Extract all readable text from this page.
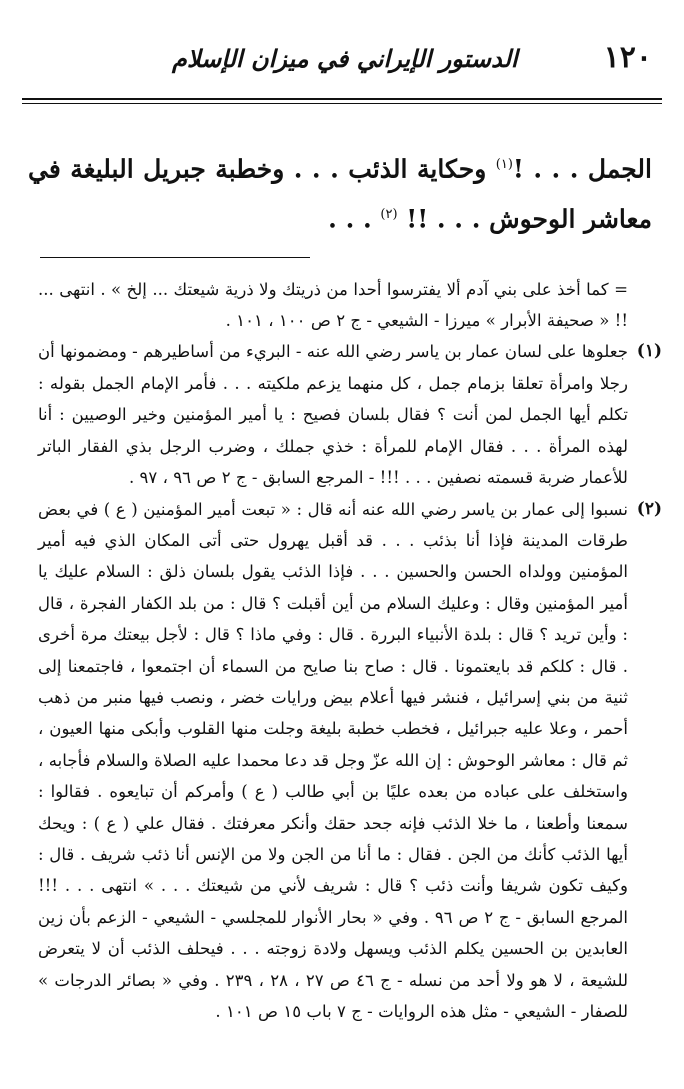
١٢٠
الدستور الإيراني في ميزان الإسلام
الجمل . . . !$^{(١)}$ وحكاية الذئب . . . وخطبة جبريل البليغة في معاشر الوحوش . . . !! $^{(٢)}$ . . .
= كما أخذ على بني آدم ألا يفترسوا أحدا من ذريتك ولا ذرية شيعتك ... إلخ » . انتهى ... !! « صحيفة الأبرار » ميرزا - الشيعي - ج ٢ ص ١٠٠ ، ١٠١ .
(١)
جعلوها على لسان عمار بن ياسر رضي الله عنه - البريء من أساطيرهم - ومضمونها أن رجلا وامرأة تعلقا بزمام جمل ، كل منهما يزعم ملكيته . . . فأمر الإمام الجمل بقوله : تكلم أيها الجمل لمن أنت ؟ فقال بلسان فصيح : يا أمير المؤمنين وخير الوصيين : أنا لهذه المرأة . . . فقال الإمام للمرأة : خذي جملك ، وضرب الرجل بذي الفقار الباتر للأعمار ضربة قسمته نصفين . . . !!! - المرجع السابق - ج ٢ ص ٩٦ ، ٩٧ .
(٢)
نسبوا إلى عمار بن ياسر رضي الله عنه أنه قال : « تبعت أمير المؤمنين ( ع ) في بعض طرقات المدينة فإذا أنا بذئب . . . قد أقبل يهرول حتى أتى المكان الذي فيه أمير المؤمنين وولداه الحسن والحسين . . . فإذا الذئب يقول بلسان ذلق : السلام عليك يا أمير المؤمنين وقال : وعليك السلام من أين أقبلت ؟ قال : من بلد الكفار الفجرة ، قال : وأين تريد ؟ قال : بلدة الأنبياء البررة . قال : وفي ماذا ؟ قال : لأجل بيعتك مرة أخرى . قال : كلكم قد بايعتمونا . قال : صاح بنا صايح من السماء أن اجتمعوا ، فاجتمعنا إلى ثنية من بني إسرائيل ، فنشر فيها أعلام بيض ورايات خضر ، ونصب فيها منبر من ذهب أحمر ، وعلا عليه جبرائيل ، فخطب خطبة بليغة وجلت منها القلوب وأبكى منها العيون ، ثم قال : معاشر الوحوش : إن الله عزّ وجل قد دعا محمدا عليه الصلاة والسلام فأجابه ، واستخلف على عباده من بعده عليًا بن أبي طالب ( ع ) وأمركم أن تبايعوه . فقالوا : سمعنا وأطعنا ، ما خلا الذئب فإنه جحد حقك وأنكر معرفتك . فقال علي ( ع ) : ويحك أيها الذئب كأنك من الجن . فقال : ما أنا من الجن ولا من الإنس أنا ذئب شريف . قال : وكيف تكون شريفا وأنت ذئب ؟ قال : شريف لأني من شيعتك . . . » انتهى . . . !!! المرجع السابق - ج ٢ ص ٩٦ . وفي « بحار الأنوار للمجلسي - الشيعي - الزعم بأن زين العابدين بن الحسين يكلم الذئب ويسهل ولادة زوجته . . . فيحلف الذئب أن لا يتعرض للشيعة ، لا هو ولا أحد من نسله - ج ٤٦ ص ٢٧ ، ٢٨ ، ٢٣٩ . وفي « بصائر الدرجات » للصفار - الشيعي - مثل هذه الروايات - ج ٧ باب ١٥ ص ١٠١ .
